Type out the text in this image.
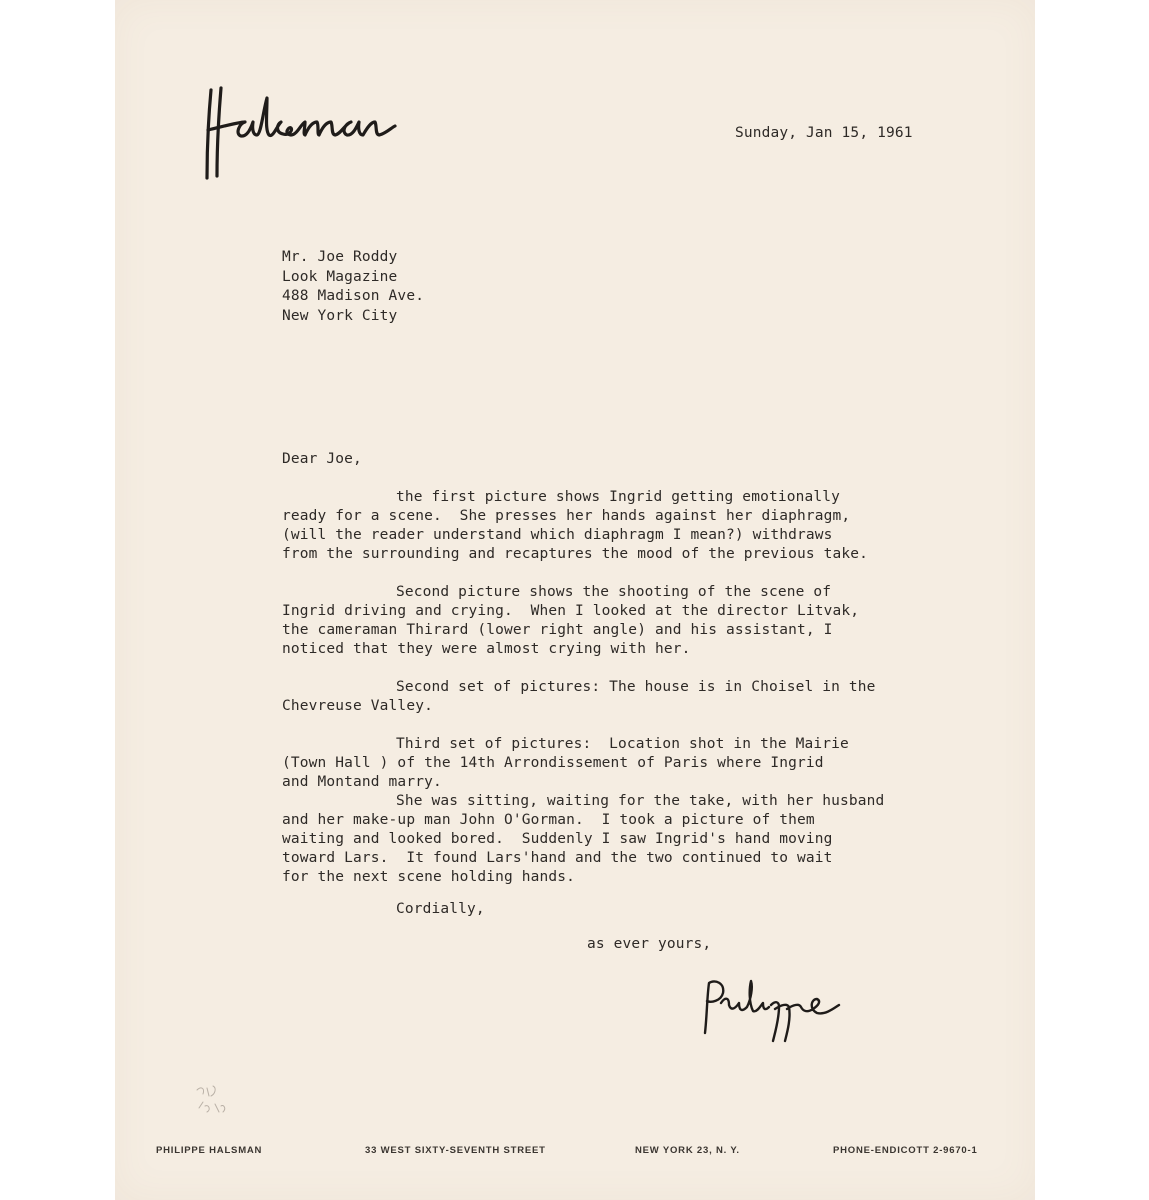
Sunday, Jan 15, 1961
Mr. Joe Roddy
Look Magazine
488 Madison Ave.
New York City
Dear Joe,
the first picture shows Ingrid getting emotionally
ready for a scene.  She presses her hands against her diaphragm,
(will the reader understand which diaphragm I mean?) withdraws
from the surrounding and recaptures the mood of the previous take.
Second picture shows the shooting of the scene of
Ingrid driving and crying.  When I looked at the director Litvak,
the cameraman Thirard (lower right angle) and his assistant, I
noticed that they were almost crying with her.
Second set of pictures: The house is in Choisel in the
Chevreuse Valley.
Third set of pictures:  Location shot in the Mairie
(Town Hall ) of the 14th Arrondissement of Paris where Ingrid
and Montand marry.
She was sitting, waiting for the take, with her husband
and her make-up man John O'Gorman.  I took a picture of them
waiting and looked bored.  Suddenly I saw Ingrid's hand moving
toward Lars.  It found Lars'hand and the two continued to wait
for the next scene holding hands.
Cordially,
as ever yours,
PHILIPPE HALSMAN	33 WEST SIXTY-SEVENTH STREET	NEW YORK 23, N. Y.	PHONE-ENDICOTT 2-9670-1
